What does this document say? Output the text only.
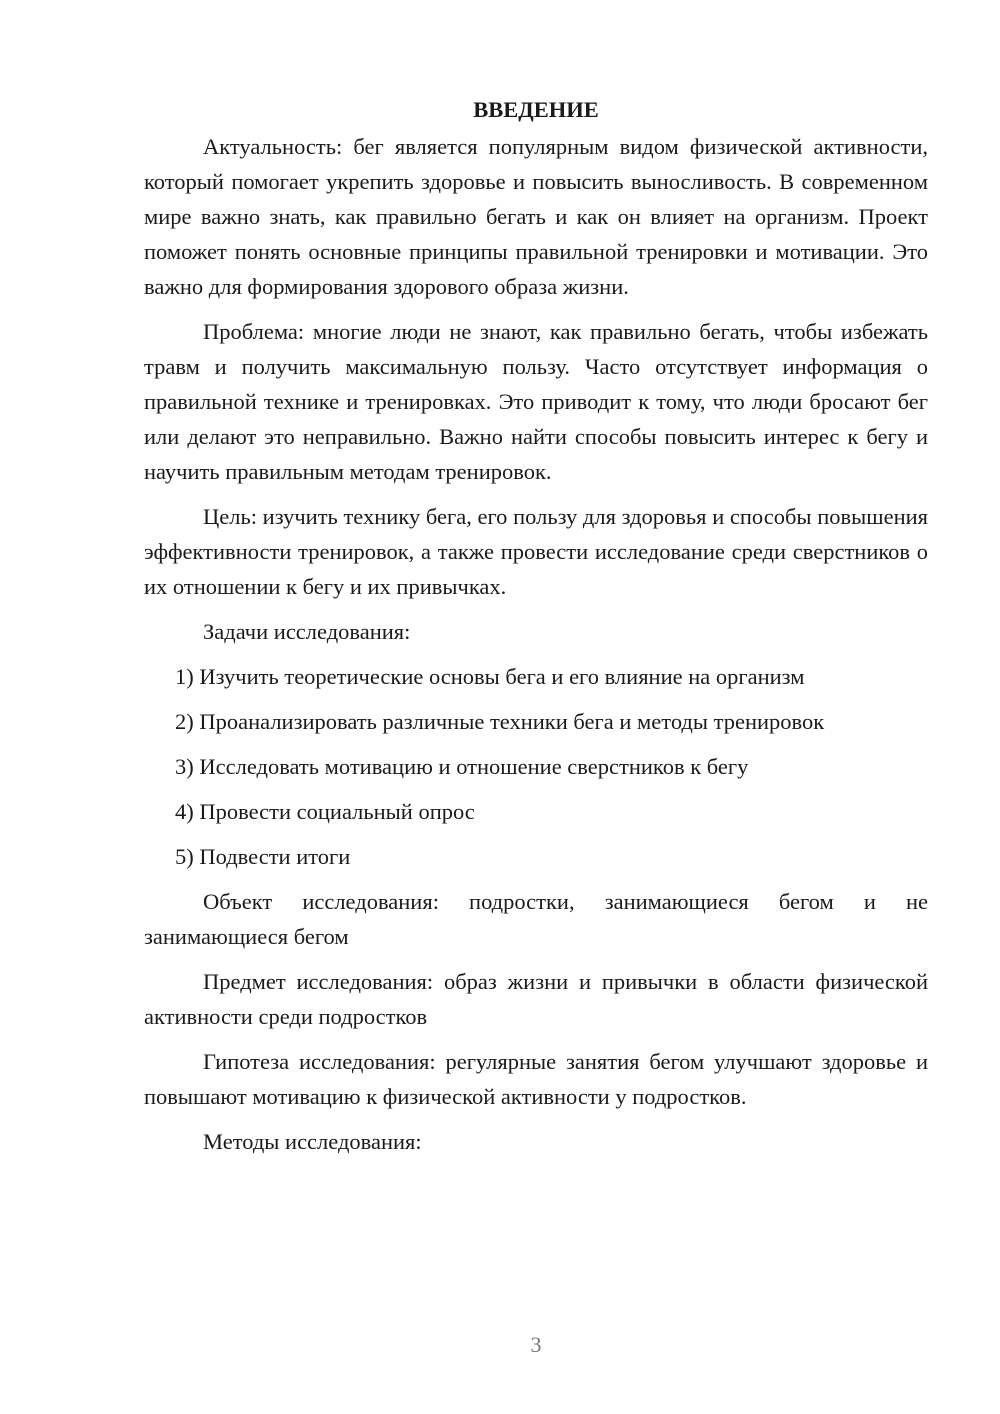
ВВЕДЕНИЕ

Актуальность: бег является популярным видом физической активности, который помогает укрепить здоровье и повысить выносливость. В современном мире важно знать, как правильно бегать и как он влияет на организм. Проект поможет понять основные принципы правильной тренировки и мотивации. Это важно для формирования здорового образа жизни.

Проблема: многие люди не знают, как правильно бегать, чтобы избежать травм и получить максимальную пользу. Часто отсутствует информация о правильной технике и тренировках. Это приводит к тому, что люди бросают бег или делают это неправильно. Важно найти способы повысить интерес к бегу и научить правильным методам тренировок.

Цель: изучить технику бега, его пользу для здоровья и способы повышения эффективности тренировок, а также провести исследование среди сверстников о их отношении к бегу и их привычках.

Задачи исследования:

1) Изучить теоретические основы бега и его влияние на организм
2) Проанализировать различные техники бега и методы тренировок
3) Исследовать мотивацию и отношение сверстников к бегу
4) Провести социальный опрос
5) Подвести итоги

Объект исследования: подростки, занимающиеся бегом и не занимающиеся бегом

Предмет исследования: образ жизни и привычки в области физической активности среди подростков

Гипотеза исследования: регулярные занятия бегом улучшают здоровье и повышают мотивацию к физической активности у подростков.

Методы исследования:

3
